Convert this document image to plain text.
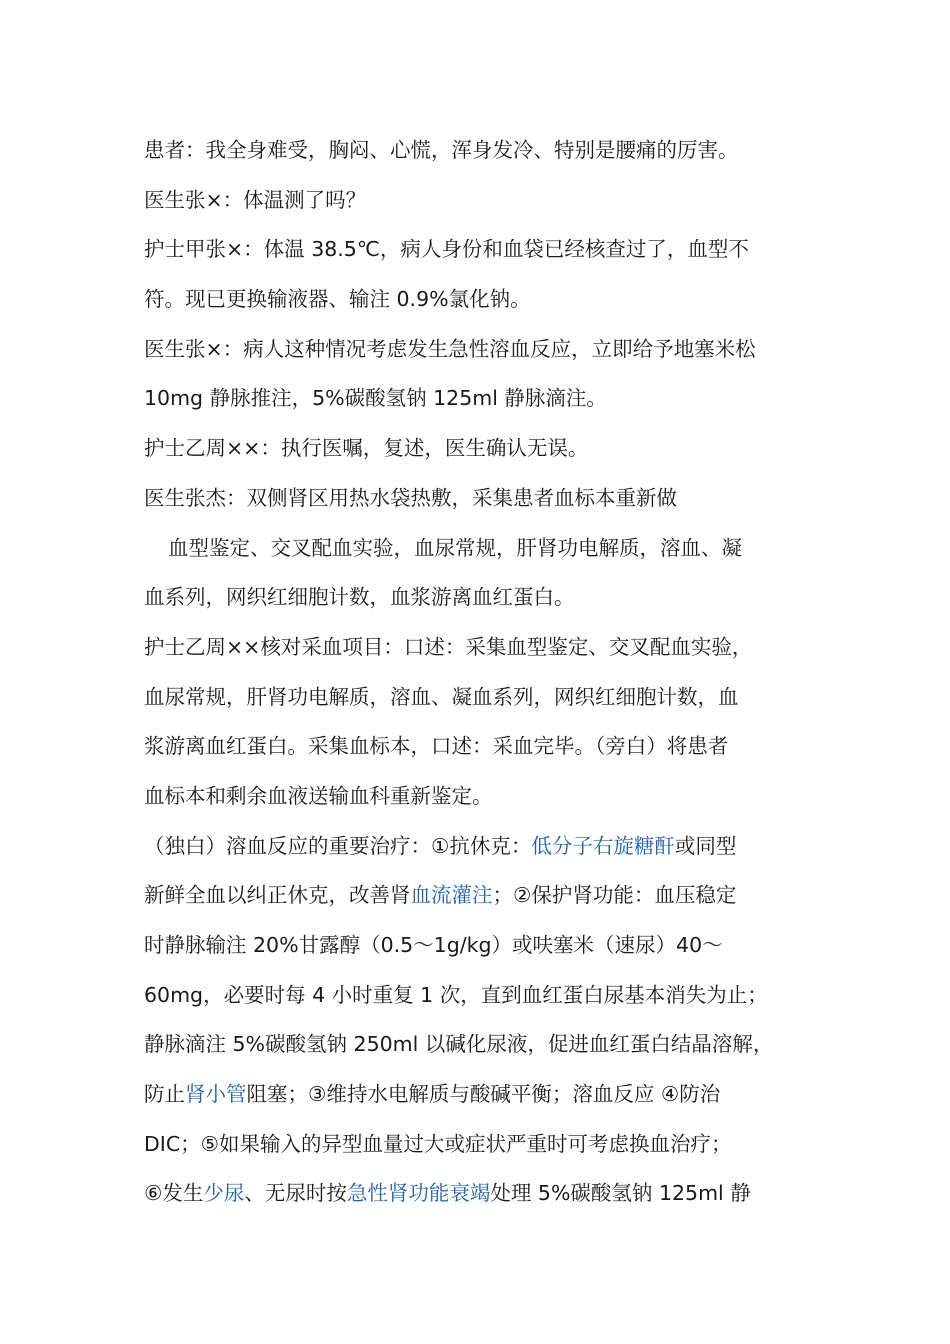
患者：我全身难受，胸闷、心慌，浑身发冷、特别是腰痛的厉害。
医生张×：体温测了吗？
护士甲张×：体温 38.5℃，病人身份和血袋已经核查过了，血型不
符。现已更换输液器、输注 0.9%氯化钠。
医生张×：病人这种情况考虑发生急性溶血反应，立即给予地塞米松
10mg 静脉推注，5%碳酸氢钠 125ml 静脉滴注。
护士乙周××：执行医嘱，复述，医生确认无误。
医生张杰：双侧肾区用热水袋热敷，采集患者血标本重新做
血型鉴定、交叉配血实验，血尿常规，肝肾功电解质，溶血、凝
血系列，网织红细胞计数，血浆游离血红蛋白。
护士乙周××核对采血项目：口述：采集血型鉴定、交叉配血实验，
血尿常规，肝肾功电解质，溶血、凝血系列，网织红细胞计数，血
浆游离血红蛋白。采集血标本，口述：采血完毕。（旁白）将患者
血标本和剩余血液送输血科重新鉴定。
（独白）溶血反应的重要治疗：①抗休克：低分子右旋糖酐或同型
新鲜全血以纠正休克，改善肾血流灌注；②保护肾功能：血压稳定
时静脉输注 20%甘露醇（0.5～1g/kg）或呋塞米（速尿）40～
60mg，必要时每 4 小时重复 1 次，直到血红蛋白尿基本消失为止；
静脉滴注 5%碳酸氢钠 250ml 以碱化尿液，促进血红蛋白结晶溶解，
防止肾小管阻塞；③维持水电解质与酸碱平衡；溶血反应 ④防治
DIC；⑤如果输入的异型血量过大或症状严重时可考虑换血治疗；
⑥发生少尿、无尿时按急性肾功能衰竭处理 5%碳酸氢钠 125ml 静
